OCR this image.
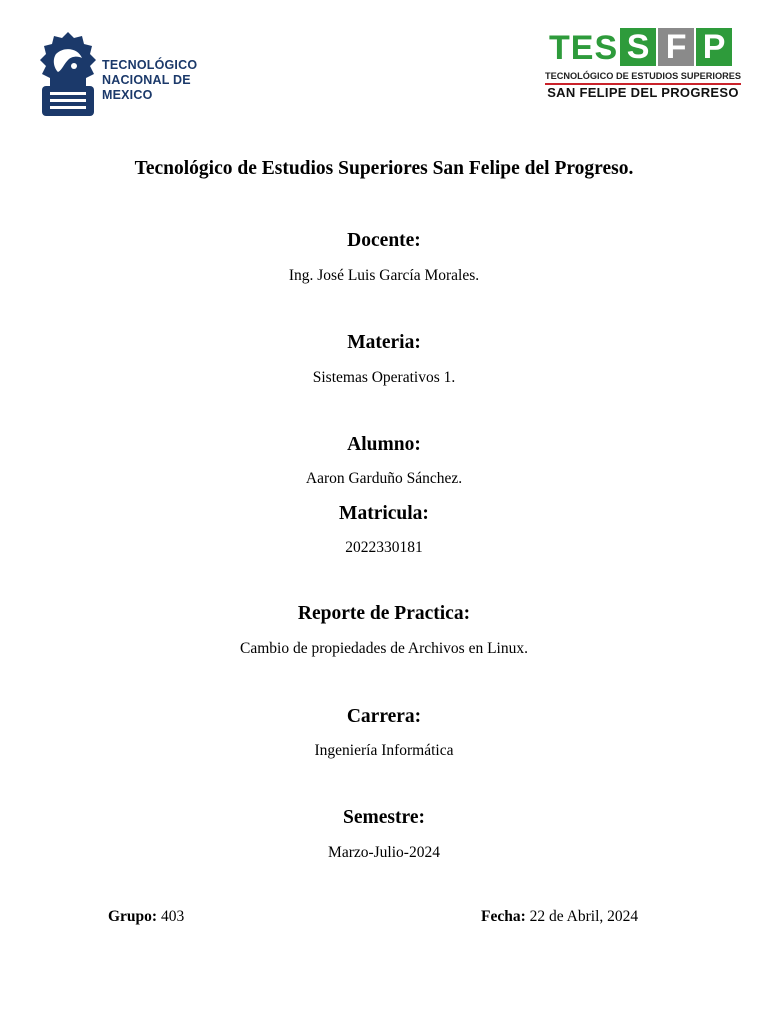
TECNOLÓGICO
NACIONAL DE MEXICO
TES S F P
TECNOLÓGICO DE ESTUDIOS SUPERIORES
SAN FELIPE DEL PROGRESO
Tecnológico de Estudios Superiores San Felipe del Progreso.
Docente:
Ing. José Luis García Morales.
Materia:
Sistemas Operativos 1.
Alumno:
Aaron Garduño Sánchez.
Matricula:
2022330181
Reporte de Practica:
Cambio de propiedades de Archivos en Linux.
Carrera:
Ingeniería Informática
Semestre:
Marzo-Julio-2024
Grupo: 403	Fecha: 22 de Abril, 2024
